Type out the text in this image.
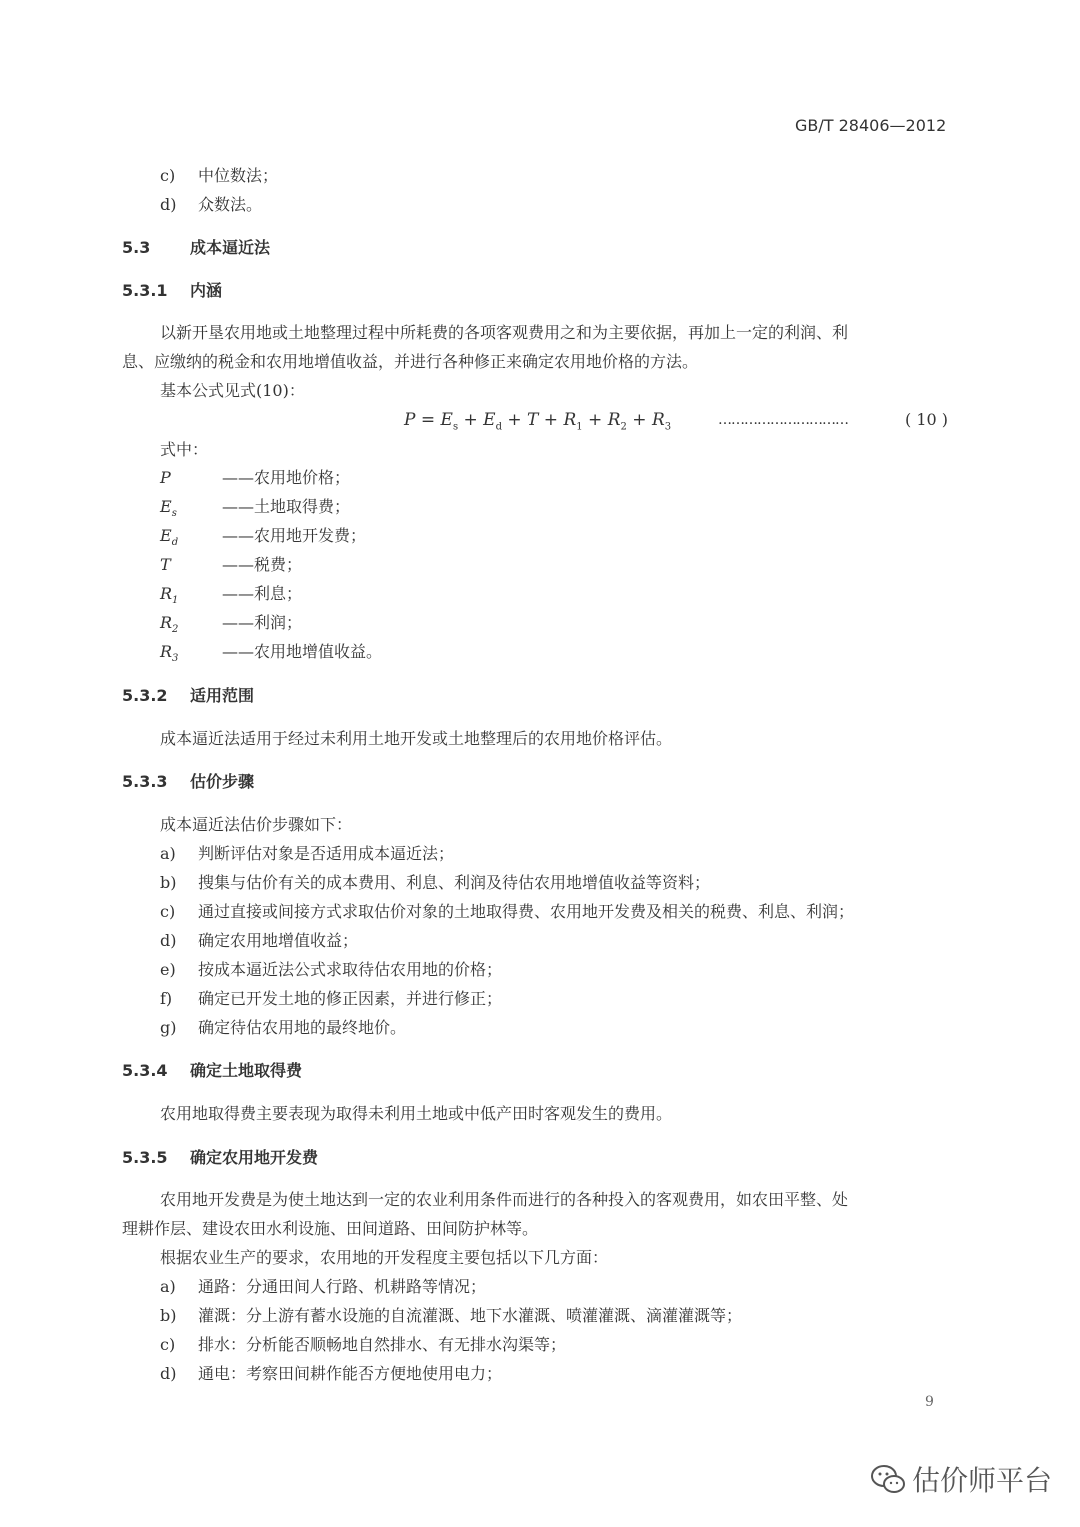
GB/T 28406—2012
c) 中位数法；
d) 众数法。
5.3 成本逼近法
5.3.1 内涵
以新开垦农用地或土地整理过程中所耗费的各项客观费用之和为主要依据，再加上一定的利润、利
息、应缴纳的税金和农用地增值收益，并进行各种修正来确定农用地价格的方法。
基本公式见式(10)：
$P = E_s + E_d + T + R_1 + R_2 + R_3$	…………………………	( 10 )
式中：
P	——农用地价格；
$E_s$	——土地取得费；
$E_d$	——农用地开发费；
T	——税费；
$R_1$	——利息；
$R_2$	——利润；
$R_3$	——农用地增值收益。
5.3.2 适用范围
成本逼近法适用于经过未利用土地开发或土地整理后的农用地价格评估。
5.3.3 估价步骤
成本逼近法估价步骤如下：
a) 判断评估对象是否适用成本逼近法；
b) 搜集与估价有关的成本费用、利息、利润及待估农用地增值收益等资料；
c) 通过直接或间接方式求取估价对象的土地取得费、农用地开发费及相关的税费、利息、利润；
d) 确定农用地增值收益；
e) 按成本逼近法公式求取待估农用地的价格；
f) 确定已开发土地的修正因素，并进行修正；
g) 确定待估农用地的最终地价。
5.3.4 确定土地取得费
农用地取得费主要表现为取得未利用土地或中低产田时客观发生的费用。
5.3.5 确定农用地开发费
农用地开发费是为使土地达到一定的农业利用条件而进行的各种投入的客观费用，如农田平整、处
理耕作层、建设农田水利设施、田间道路、田间防护林等。
根据农业生产的要求，农用地的开发程度主要包括以下几方面：
a) 通路：分通田间人行路、机耕路等情况；
b) 灌溉：分上游有蓄水设施的自流灌溉、地下水灌溉、喷灌灌溉、滴灌灌溉等；
c) 排水：分析能否顺畅地自然排水、有无排水沟渠等；
d) 通电：考察田间耕作能否方便地使用电力；
9
估价师平台
